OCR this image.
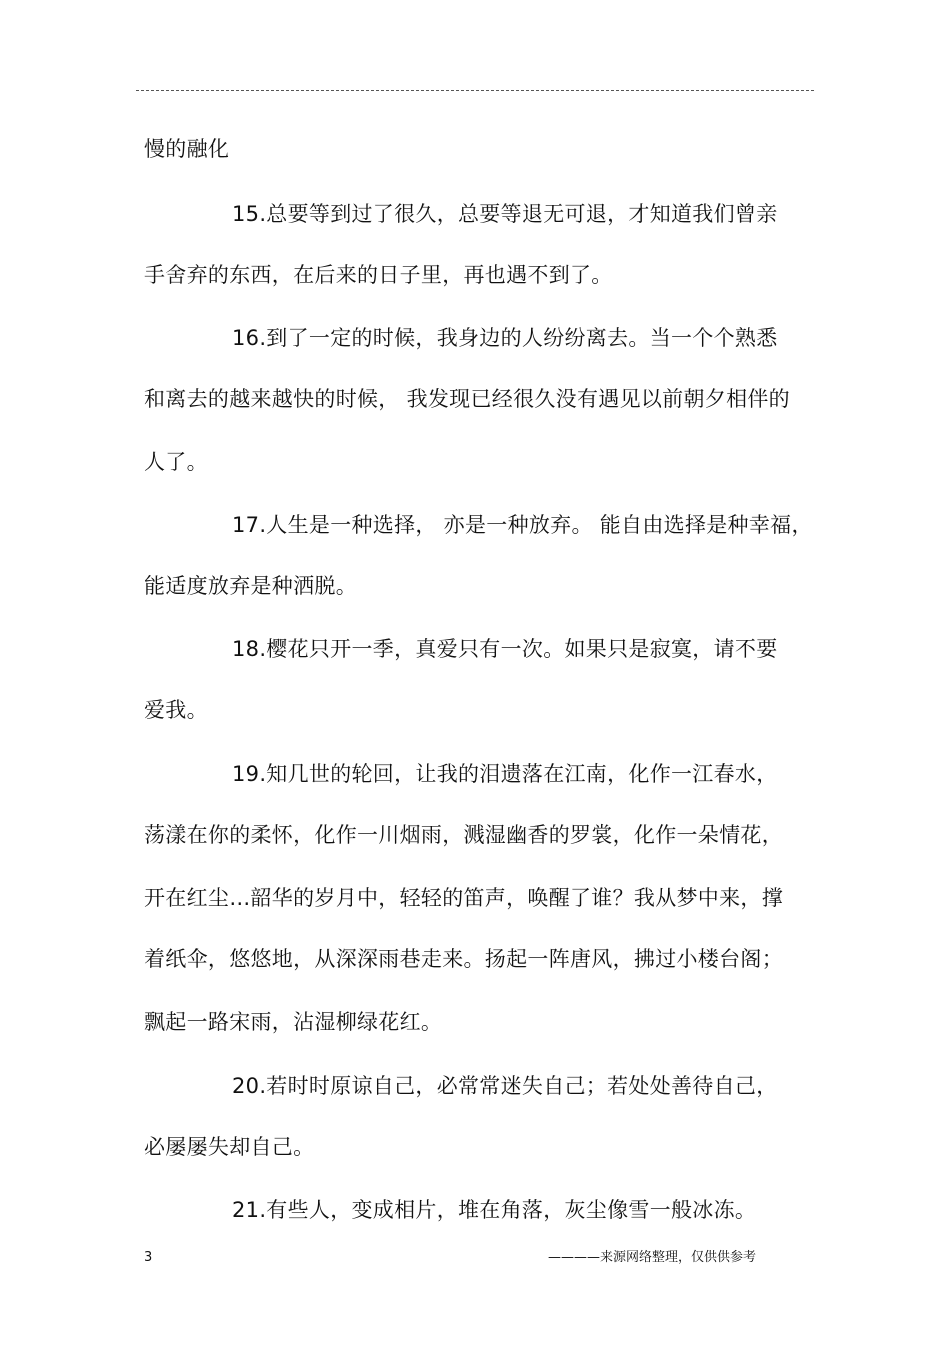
慢的融化
15.总要等到过了很久，总要等退无可退，才知道我们曾亲
手舍弃的东西，在后来的日子里，再也遇不到了。
16.到了一定的时候，我身边的人纷纷离去。当一个个熟悉
和离去的越来越快的时候， 我发现已经很久没有遇见以前朝夕相伴的
人了。
17.人生是一种选择， 亦是一种放弃。 能自由选择是种幸福，
能适度放弃是种洒脱。
18.樱花只开一季，真爱只有一次。如果只是寂寞，请不要
爱我。
19.知几世的轮回，让我的泪遗落在江南，化作一江春水，
荡漾在你的柔怀，化作一川烟雨，溅湿幽香的罗裳，化作一朵情花，
开在红尘…韶华的岁月中，轻轻的笛声，唤醒了谁？我从梦中来，撑
着纸伞，悠悠地，从深深雨巷走来。扬起一阵唐风，拂过小楼台阁；
飘起一路宋雨，沾湿柳绿花红。
20.若时时原谅自己，必常常迷失自己；若处处善待自己，
必屡屡失却自己。
21.有些人，变成相片，堆在角落，灰尘像雪一般冰冻。
3	————来源网络整理，仅供供参考
